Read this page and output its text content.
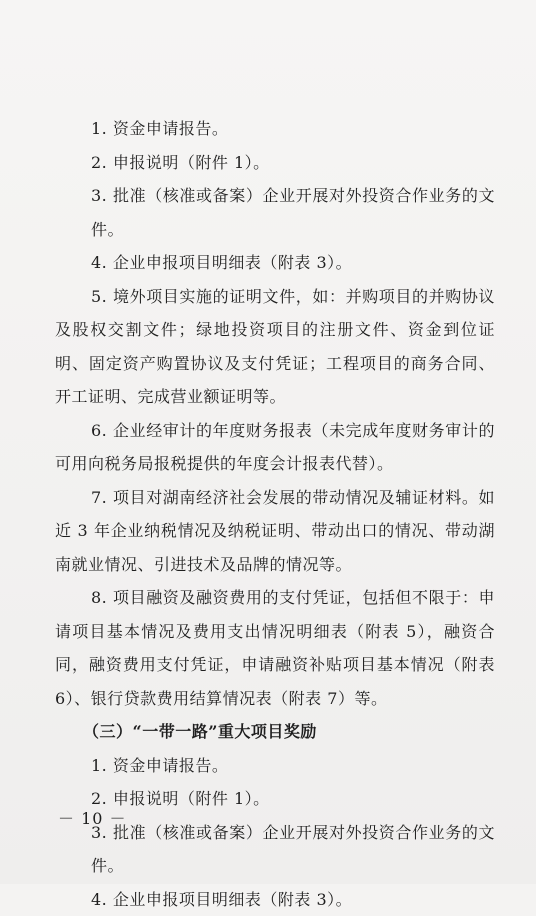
1. 资金申请报告。

2. 申报说明（附件 1）。

3. 批准（核准或备案）企业开展对外投资合作业务的文件。

4. 企业申报项目明细表（附表 3）。

5. 境外项目实施的证明文件，如：并购项目的并购协议及股权交割文件；绿地投资项目的注册文件、资金到位证明、固定资产购置协议及支付凭证；工程项目的商务合同、开工证明、完成营业额证明等。

6. 企业经审计的年度财务报表（未完成年度财务审计的可用向税务局报税提供的年度会计报表代替）。

7. 项目对湖南经济社会发展的带动情况及辅证材料。如近 3 年企业纳税情况及纳税证明、带动出口的情况、带动湖南就业情况、引进技术及品牌的情况等。

8. 项目融资及融资费用的支付凭证，包括但不限于：申请项目基本情况及费用支出情况明细表（附表 5），融资合同，融资费用支付凭证，申请融资补贴项目基本情况（附表 6）、银行贷款费用结算情况表（附表 7）等。

（三）“一带一路”重大项目奖励

1. 资金申请报告。

2. 申报说明（附件 1）。

3. 批准（核准或备案）企业开展对外投资合作业务的文件。

4. 企业申报项目明细表（附表 3）。

－ 10 －
